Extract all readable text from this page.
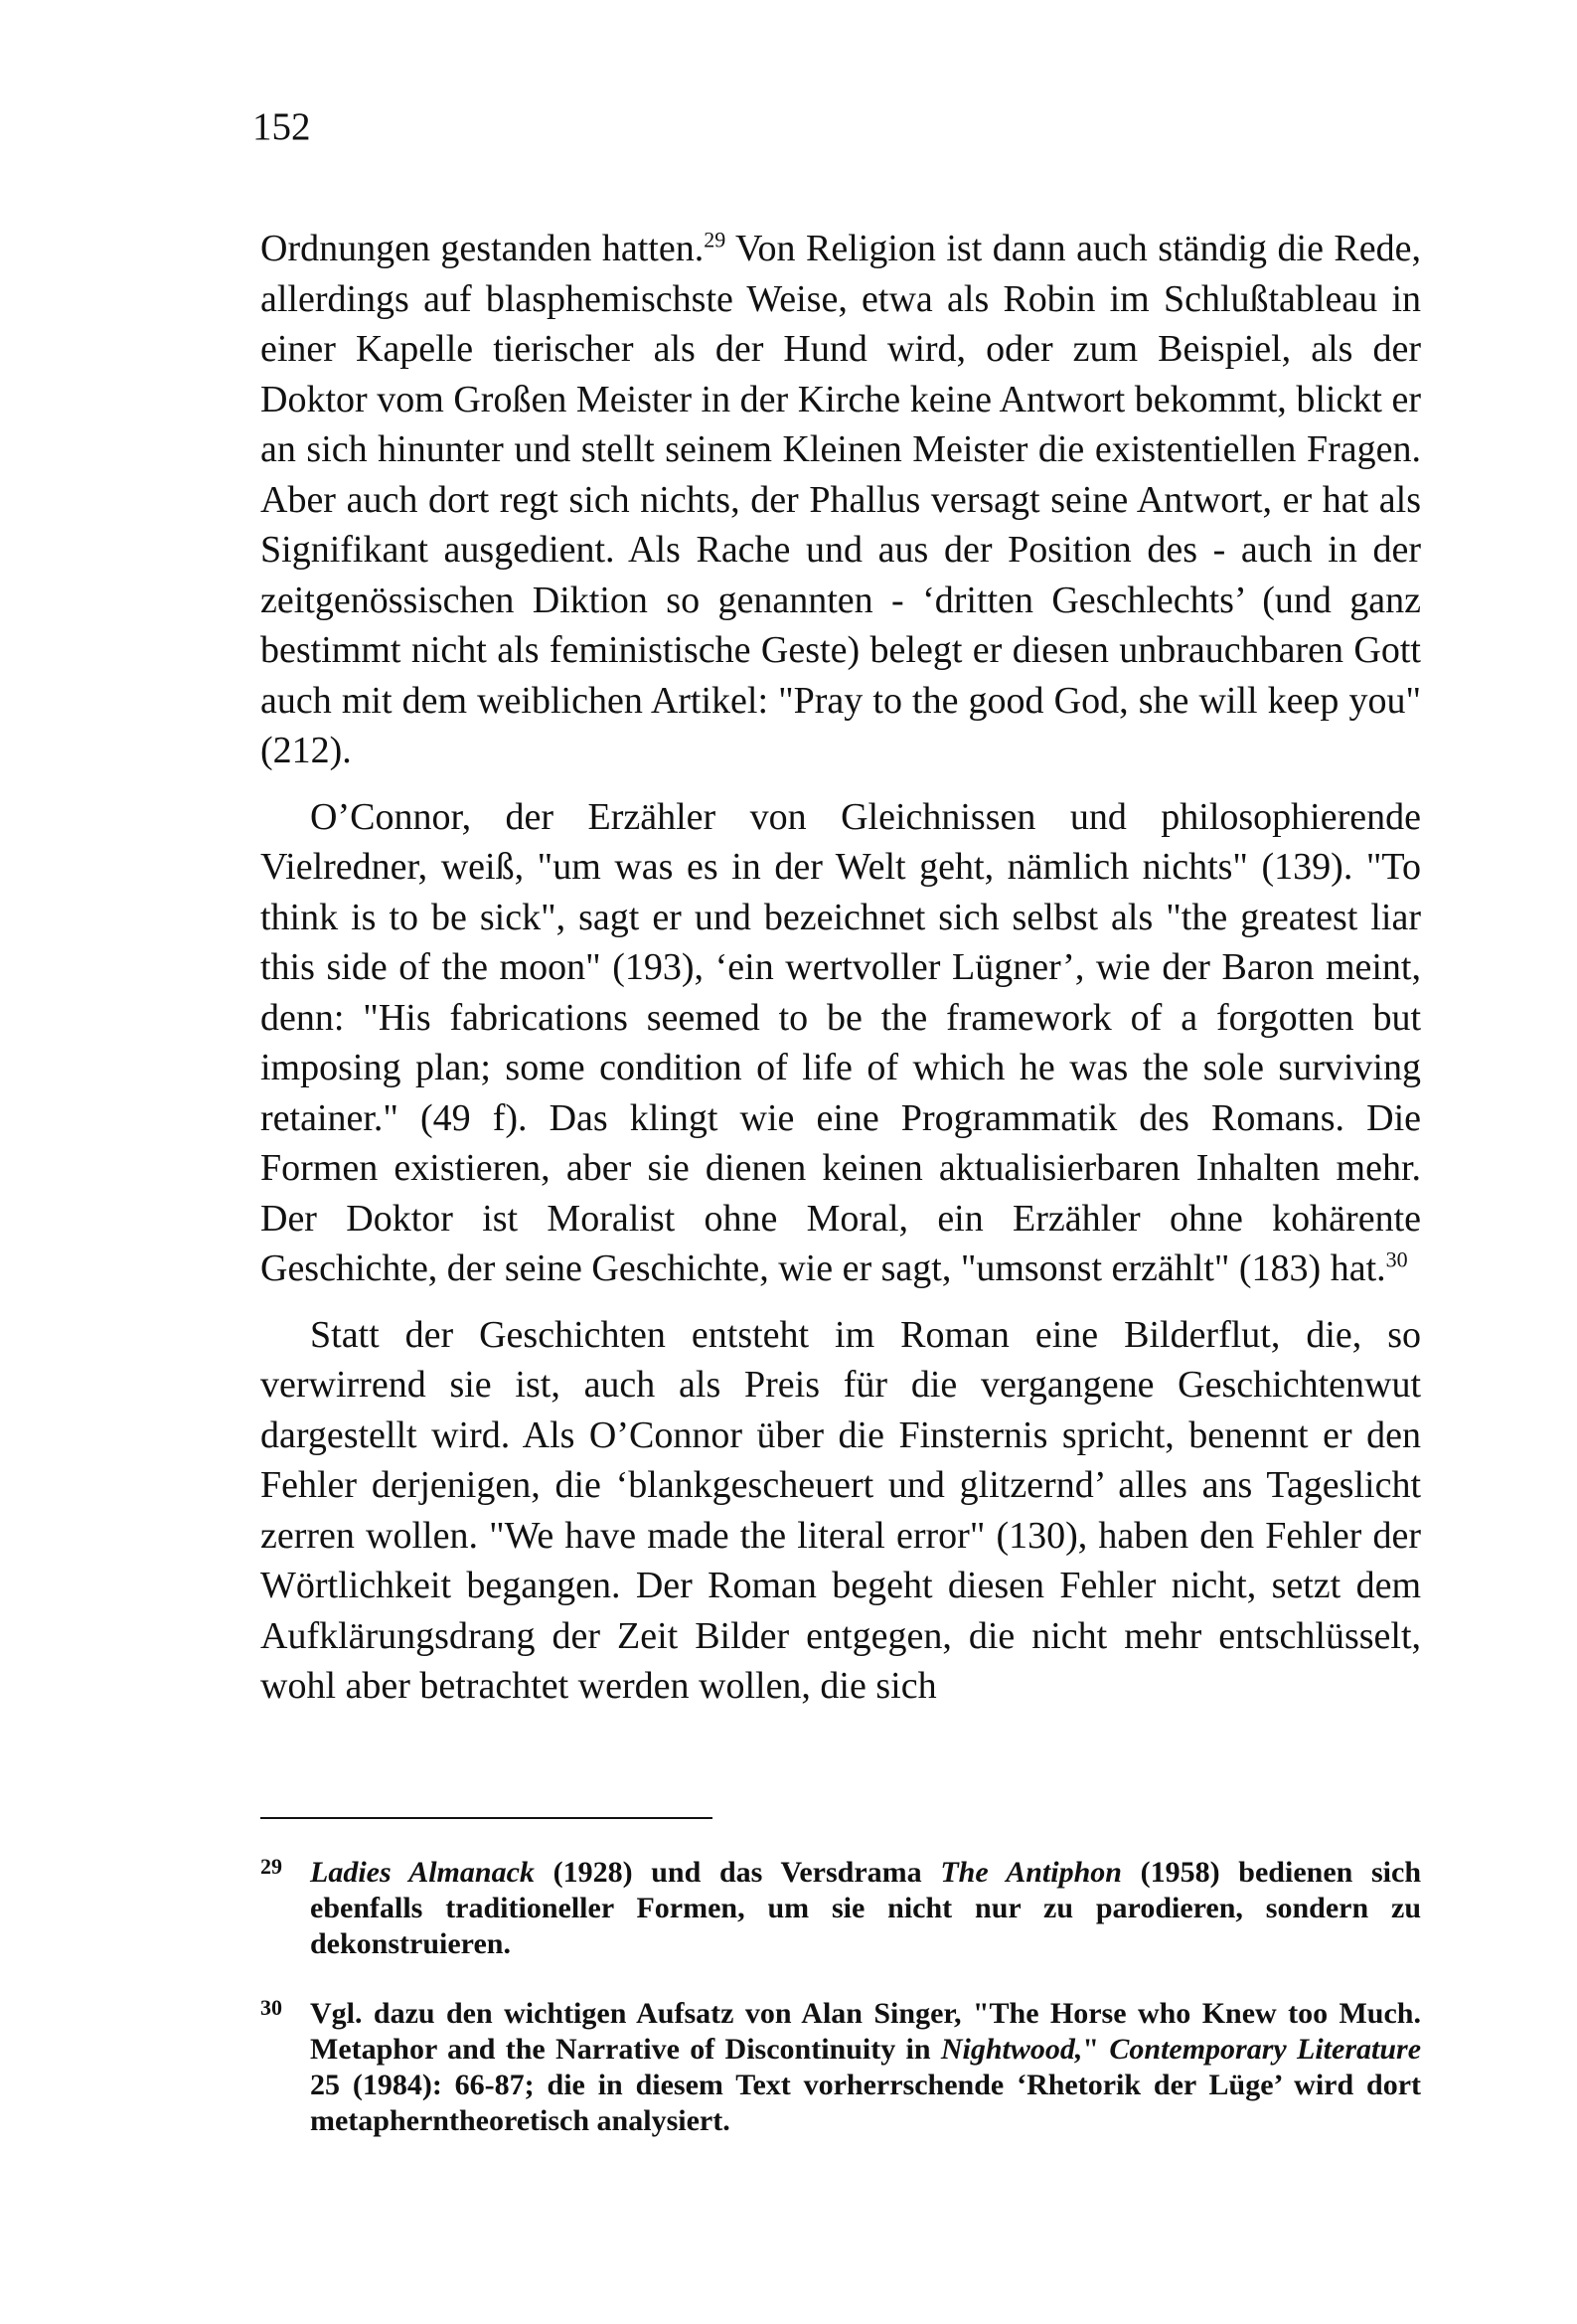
152

Ordnungen gestanden hatten.$^{29}$ Von Religion ist dann auch ständig die Rede, allerdings auf blasphemischste Weise, etwa als Robin im Schlußtableau in einer Kapelle tierischer als der Hund wird, oder zum Beispiel, als der Doktor vom Großen Meister in der Kirche keine Antwort bekommt, blickt er an sich hinunter und stellt seinem Kleinen Meister die existentiellen Fragen. Aber auch dort regt sich nichts, der Phallus versagt seine Antwort, er hat als Signifikant ausgedient. Als Rache und aus der Position des - auch in der zeitgenössischen Diktion so genannten - ‘dritten Geschlechts’ (und ganz bestimmt nicht als feministische Geste) belegt er diesen unbrauchbaren Gott auch mit dem weiblichen Artikel: "Pray to the good God, she will keep you" (212).

O’Connor, der Erzähler von Gleichnissen und philosophierende Vielredner, weiß, "um was es in der Welt geht, nämlich nichts" (139). "To think is to be sick", sagt er und bezeichnet sich selbst als "the greatest liar this side of the moon" (193), ‘ein wertvoller Lügner’, wie der Baron meint, denn: "His fabrications seemed to be the framework of a forgotten but imposing plan; some condition of life of which he was the sole surviving retainer." (49 f). Das klingt wie eine Programmatik des Romans. Die Formen existieren, aber sie dienen keinen aktualisierbaren Inhalten mehr. Der Doktor ist Moralist ohne Moral, ein Erzähler ohne kohärente Geschichte, der seine Geschichte, wie er sagt, "umsonst erzählt" (183) hat.$^{30}$

Statt der Geschichten entsteht im Roman eine Bilderflut, die, so verwirrend sie ist, auch als Preis für die vergangene Geschichtenwut dargestellt wird. Als O’Connor über die Finsternis spricht, benennt er den Fehler derjenigen, die ‘blankgescheuert und glitzernd’ alles ans Tageslicht zerren wollen. "We have made the literal error" (130), haben den Fehler der Wörtlichkeit begangen. Der Roman begeht diesen Fehler nicht, setzt dem Aufklärungsdrang der Zeit Bilder entgegen, die nicht mehr entschlüsselt, wohl aber betrachtet werden wollen, die sich

29 Ladies Almanack (1928) und das Versdrama The Antiphon (1958) bedienen sich ebenfalls traditioneller Formen, um sie nicht nur zu parodieren, sondern zu dekonstruieren.
30 Vgl. dazu den wichtigen Aufsatz von Alan Singer, "The Horse who Knew too Much. Metaphor and the Narrative of Discontinuity in Nightwood," Contemporary Literature 25 (1984): 66-87; die in diesem Text vorherrschende ‘Rhetorik der Lüge’ wird dort metapherntheoretisch analysiert.
